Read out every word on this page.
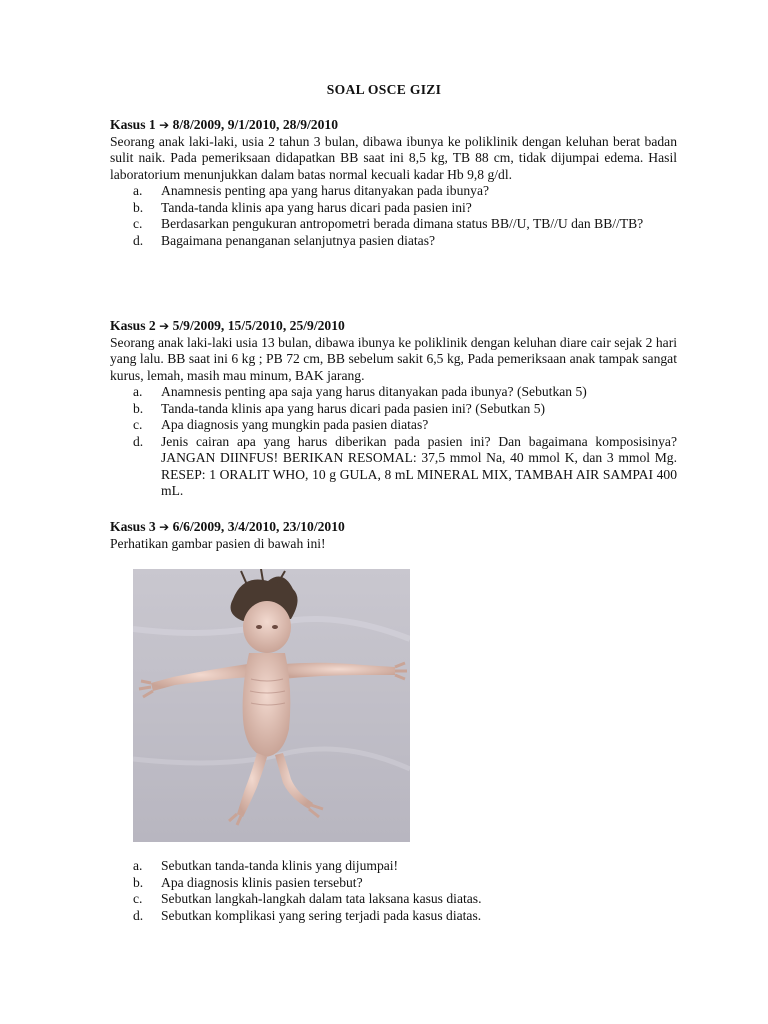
SOAL OSCE GIZI
Kasus 1 ➔ 8/8/2009, 9/1/2010, 28/9/2010
Seorang anak laki-laki, usia 2 tahun 3 bulan, dibawa ibunya ke poliklinik dengan keluhan berat badan sulit naik. Pada pemeriksaan didapatkan BB saat ini 8,5 kg, TB 88 cm, tidak dijumpai edema. Hasil laboratorium menunjukkan dalam batas normal kecuali kadar Hb 9,8 g/dl.
a.	Anamnesis penting apa yang harus ditanyakan pada ibunya?
b.	Tanda-tanda klinis apa yang harus dicari pada pasien ini?
c.	Berdasarkan pengukuran antropometri berada dimana status BB//U, TB//U dan BB//TB?
d.	Bagaimana penanganan selanjutnya pasien diatas?
Kasus 2 ➔ 5/9/2009, 15/5/2010, 25/9/2010
Seorang anak laki-laki usia 13 bulan, dibawa ibunya ke poliklinik dengan keluhan diare cair sejak 2 hari yang lalu. BB saat ini 6 kg ; PB 72 cm, BB sebelum sakit 6,5 kg, Pada pemeriksaan anak tampak sangat kurus, lemah, masih mau minum, BAK jarang.
a.	Anamnesis penting apa saja yang harus ditanyakan pada ibunya? (Sebutkan 5)
b.	Tanda-tanda klinis apa yang harus dicari pada pasien ini? (Sebutkan 5)
c.	Apa diagnosis yang mungkin pada pasien diatas?
d.	Jenis cairan apa yang harus diberikan pada pasien ini? Dan bagaimana komposisinya? JANGAN DIINFUS! BERIKAN RESOMAL: 37,5 mmol Na, 40 mmol K, dan 3 mmol Mg. RESEP: 1 ORALIT WHO, 10 g GULA, 8 mL MINERAL MIX, TAMBAH AIR SAMPAI 400 mL.
Kasus 3 ➔ 6/6/2009, 3/4/2010, 23/10/2010
Perhatikan gambar pasien di bawah ini!
a.	Sebutkan tanda-tanda klinis yang dijumpai!
b.	Apa diagnosis klinis pasien tersebut?
c.	Sebutkan langkah-langkah dalam tata laksana kasus diatas.
d.	Sebutkan komplikasi yang sering terjadi pada kasus diatas.
